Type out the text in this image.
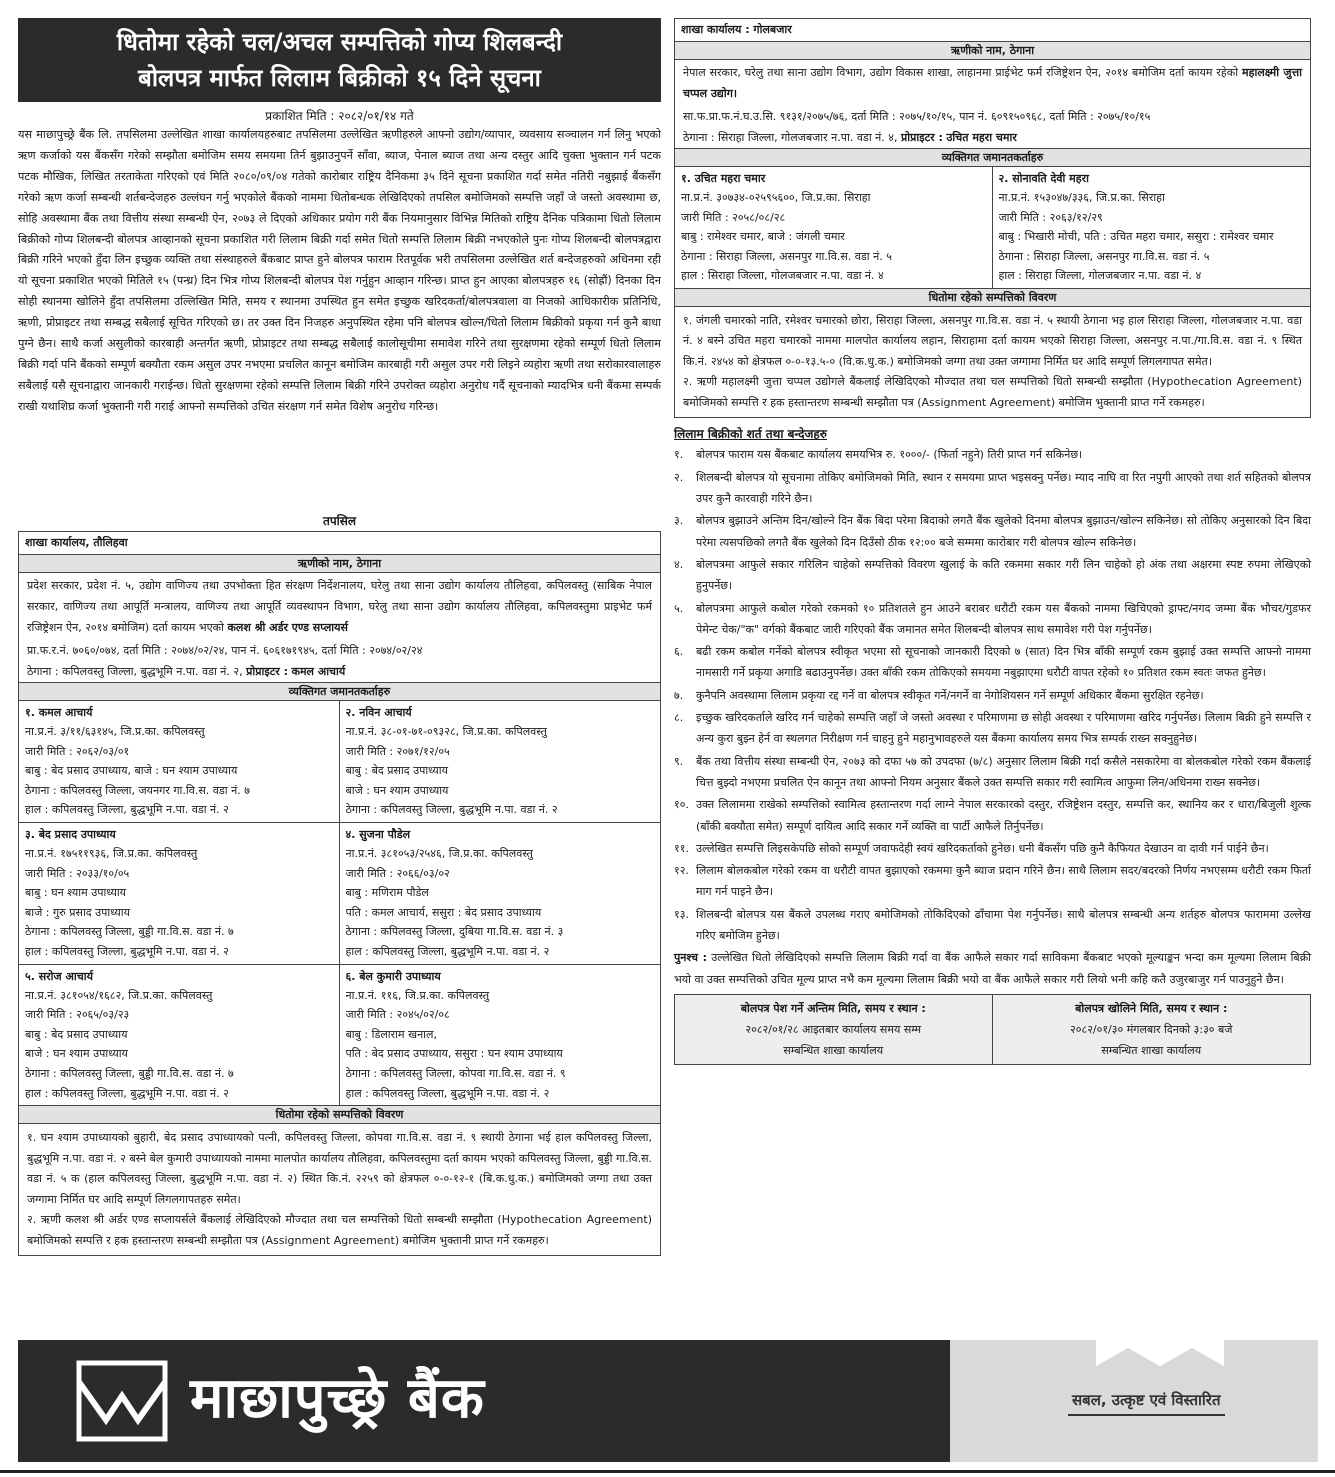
धितोमा रहेको चल/अचल सम्पत्तिको गोप्य शिलबन्दी
बोलपत्र मार्फत लिलाम बिक्रीको १५ दिने सूचना
प्रकाशित मिति : २०८२/०१/१४ गते
यस माछापुच्छ्रे बैंक लि. तपसिलमा उल्लेखित शाखा कार्यालयहरुबाट तपसिलमा उल्लेखित ऋणीहरुले आफ्नो उद्योग/व्यापार, व्यवसाय सञ्चालन गर्न लिनु भएको ऋण कर्जाको यस बैंकसँग गरेको सम्झौता बमोजिम समय समयमा तिर्न बुझाउनुपर्ने साँवा, ब्याज, पेनाल ब्याज तथा अन्य दस्तुर आदि चुक्ता भुक्तान गर्न पटक पटक मौखिक, लिखित तरताकेता गरिएको एवं मिति २०८०/०९/०४ गतेको कारोबार राष्ट्रिय दैनिकमा ३५ दिने सूचना प्रकाशित गर्दा समेत नतिरी नबुझाई बैंकसँग गरेको ऋण कर्जा सम्बन्धी शर्तबन्देजहरु उल्लंघन गर्नु भएकोले बैंकको नाममा धितोबन्धक लेखिदिएको तपसिल बमोजिमको सम्पत्ति जहाँ जे जस्तो अवस्थामा छ, सोहि अवस्थामा बैंक तथा वित्तीय संस्था सम्बन्धी ऐन, २०७३ ले दिएको अधिकार प्रयोग गरी बैंक नियमानुसार विभिन्न मितिको राष्ट्रिय दैनिक पत्रिकामा धितो लिलाम बिक्रीको गोप्य शिलबन्दी बोलपत्र आव्हानको सूचना प्रकाशित गरी लिलाम बिक्री गर्दा समेत धितो सम्पत्ति लिलाम बिक्री नभएकोले पुनः गोप्य शिलबन्दी बोलपत्रद्वारा बिक्री गरिने भएको हुँदा लिन इच्छुक व्यक्ति तथा संस्थाहरुले बैंकबाट प्राप्त हुने बोलपत्र फाराम रितपूर्वक भरी तपसिलमा उल्लेखित शर्त बन्देजहरुको अधिनमा रही यो सूचना प्रकाशित भएको मितिले १५ (पन्ध्र) दिन भित्र गोप्य शिलबन्दी बोलपत्र पेश गर्नुहुन आव्हान गरिन्छ। प्राप्त हुन आएका बोलपत्रहरु १६ (सोह्रौं) दिनका दिन सोही स्थानमा खोलिने हुँदा तपसिलमा उल्लिखित मिति, समय र स्थानमा उपस्थित हुन समेत इच्छुक खरिदकर्ता/बोलपत्रवाला वा निजको आधिकारीक प्रतिनिधि, ऋणी, प्रोप्राइटर तथा सम्बद्ध सबैलाई सूचित गरिएको छ। तर उक्त दिन निजहरु अनुपस्थित रहेमा पनि बोलपत्र खोल्न/धितो लिलाम बिक्रीको प्रकृया गर्न कुनै बाधा पुग्ने छैन। साथै कर्जा असुलीको कारबाही अन्तर्गत ऋणी, प्रोप्राइटर तथा सम्बद्ध सबैलाई कालोसूचीमा समावेश गरिने तथा सुरक्षणमा रहेको सम्पूर्ण धितो लिलाम बिक्री गर्दा पनि बैंकको सम्पूर्ण बक्यौता रकम असुल उपर नभएमा प्रचलित कानून बमोजिम कारबाही गरी असुल उपर गरी लिइने व्यहोरा ऋणी तथा सरोकारवालाहरु सबैलाई यसै सूचनाद्वारा जानकारी गराईन्छ। धितो सुरक्षणमा रहेको सम्पत्ति लिलाम बिक्री गरिने उपरोक्त व्यहोरा अनुरोध गर्दै सूचनाको म्यादभित्र धनी बैंकमा सम्पर्क राखी यथाशिघ्र कर्जा भुक्तानी गरी गराई आफ्नो सम्पत्तिको उचित संरक्षण गर्न समेत विशेष अनुरोध गरिन्छ।
तपसिल
शाखा कार्यालय, तौलिहवा
ऋणीको नाम, ठेगाना
प्रदेश सरकार, प्रदेश नं. ५, उद्योग वाणिज्य तथा उपभोक्ता हित संरक्षण निर्देशनालय, घरेलु तथा साना उद्योग कार्यालय तौलिहवा, कपिलवस्तु (साबिक नेपाल सरकार, वाणिज्य तथा आपूर्ति मन्त्रालय, वाणिज्य तथा आपूर्ति व्यवस्थापन विभाग, घरेलु तथा साना उद्योग कार्यालय तौलिहवा, कपिलवस्तुमा प्राइभेट फर्म रजिष्ट्रेशन ऐन, २०१४ बमोजिम) दर्ता कायम भएको कलश श्री अर्डर एण्ड सप्लायर्स
प्रा.फ.र.नं. ७०६०/०७४, दर्ता मिति : २०७४/०२/२४, पान नं. ६०६१७१९४५, दर्ता मिति : २०७४/०२/२४
ठेगाना : कपिलवस्तु जिल्ला, बुद्धभूमि न.पा. वडा नं. २, प्रोप्राइटर : कमल आचार्य
व्यक्तिगत जमानतकर्ताहरु
१. कमल आचार्य
ना.प्र.नं. ३/११/६३१४५, जि.प्र.का. कपिलवस्तु
जारी मिति : २०६२/०३/०१
बाबु : बेद प्रसाद उपाध्याय, बाजे : घन श्याम उपाध्याय
ठेगाना : कपिलवस्तु जिल्ला, जयनगर गा.वि.स. वडा नं. ७
हाल : कपिलवस्तु जिल्ला, बुद्धभूमि न.पा. वडा नं. २
२. नविन आचार्य
ना.प्र.नं. ३८-०१-७१-०९३२८, जि.प्र.का. कपिलवस्तु
जारी मिति : २०७१/१२/०५
बाबु : बेद प्रसाद उपाध्याय
बाजे : घन श्याम उपाध्याय
ठेगाना : कपिलवस्तु जिल्ला, बुद्धभूमि न.पा. वडा नं. २
३. बेद प्रसाद उपाध्याय
ना.प्र.नं. १७५११९३६, जि.प्र.का. कपिलवस्तु
जारी मिति : २०३३/१०/०५
बाबु : घन श्याम उपाध्याय
बाजे : गुरु प्रसाद उपाध्याय
ठेगाना : कपिलवस्तु जिल्ला, बुड्डी गा.वि.स. वडा नं. ७
हाल : कपिलवस्तु जिल्ला, बुद्धभूमि न.पा. वडा नं. २
४. सुजना पौडेल
ना.प्र.नं. ३८१०५३/२५४६, जि.प्र.का. कपिलवस्तु
जारी मिति : २०६६/०३/०२
बाबु : मणिराम पौडेल
पति : कमल आचार्य, ससुरा : बेद प्रसाद उपाध्याय
ठेगाना : कपिलवस्तु जिल्ला, दुबिया गा.वि.स. वडा नं. ३
हाल : कपिलवस्तु जिल्ला, बुद्धभूमि न.पा. वडा नं. २
५. सरोज आचार्य
ना.प्र.नं. ३८१०५४/१६८२, जि.प्र.का. कपिलवस्तु
जारी मिति : २०६५/०३/२३
बाबु : बेद प्रसाद उपाध्याय
बाजे : घन श्याम उपाध्याय
ठेगाना : कपिलवस्तु जिल्ला, बुड्डी गा.वि.स. वडा नं. ७
हाल : कपिलवस्तु जिल्ला, बुद्धभूमि न.पा. वडा नं. २
६. बेल कुमारी उपाध्याय
ना.प्र.नं. ११६, जि.प्र.का. कपिलवस्तु
जारी मिति : २०४५/०२/०८
बाबु : डिलाराम खनाल,
पति : बेद प्रसाद उपाध्याय, ससुरा : घन श्याम उपाध्याय
ठेगाना : कपिलवस्तु जिल्ला, कोपवा गा.वि.स. वडा नं. ९
हाल : कपिलवस्तु जिल्ला, बुद्धभूमि न.पा. वडा नं. २
धितोमा रहेको सम्पत्तिको विवरण
१. घन श्याम उपाध्यायको बुहारी, बेद प्रसाद उपाध्यायको पत्नी, कपिलवस्तु जिल्ला, कोपवा गा.वि.स. वडा नं. ९ स्थायी ठेगाना भई हाल कपिलवस्तु जिल्ला, बुद्धभूमि न.पा. वडा नं. २ बस्ने बेल कुमारी उपाध्यायको नाममा मालपोत कार्यालय तौलिहवा, कपिलवस्तुमा दर्ता कायम भएको कपिलवस्तु जिल्ला, बुड्डी गा.वि.स. वडा नं. ५ क (हाल कपिलवस्तु जिल्ला, बुद्धभूमि न.पा. वडा नं. २) स्थित कि.नं. २२५९ को क्षेत्रफल ०-०-१२-१ (बि.क.धु.क.) बमोजिमको जग्गा तथा उक्त जग्गामा निर्मित घर आदि सम्पूर्ण लिगलगापतहरु समेत।
२. ऋणी कलश श्री अर्डर एण्ड सप्लायर्सले बैंकलाई लेखिदिएको मौज्दात तथा चल सम्पत्तिको धितो सम्बन्धी सम्झौता (Hypothecation Agreement) बमोजिमको सम्पत्ति र हक हस्तान्तरण सम्बन्धी सम्झौता पत्र (Assignment Agreement) बमोजिम भुक्तानी प्राप्त गर्ने रकमहरु।
शाखा कार्यालय : गोलबजार
ऋणीको नाम, ठेगाना
नेपाल सरकार, घरेलु तथा साना उद्योग विभाग, उद्योग विकास शाखा, लाहानमा प्राईभेट फर्म रजिष्ट्रेशन ऐन, २०१४ बमोजिम दर्ता कायम रहेको महालक्ष्मी जुत्ता चप्पल उद्योग।
सा.फ.प्रा.फ.नं.घ.उ.सि. ९१३१/२०७५/७६, दर्ता मिति : २०७५/१०/१५, पान नं. ६०९१५०९६८, दर्ता मिति : २०७५/१०/१५
ठेगाना : सिराहा जिल्ला, गोलजबजार न.पा. वडा नं. ४, प्रोप्राइटर : उचित महरा चमार
व्यक्तिगत जमानतकर्ताहरु
१. उचित महरा चमार
ना.प्र.नं. ३०७३४-०२५९५६००, जि.प्र.का. सिराहा
जारी मिति : २०५८/०८/२८
बाबु : रामेश्वर चमार, बाजे : जंगली चमार
ठेगाना : सिराहा जिल्ला, असनपुर गा.वि.स. वडा नं. ५
हाल : सिराहा जिल्ला, गोलजबजार न.पा. वडा नं. ४
२. सोनावति देवी महरा
ना.प्र.नं. १५३०४७/३३६, जि.प्र.का. सिराहा
जारी मिति : २०६३/१२/२९
बाबु : भिखारी मोची, पति : उचित महरा चमार, ससुरा : रामेश्वर चमार
ठेगाना : सिराहा जिल्ला, असनपुर गा.वि.स. वडा नं. ५
हाल : सिराहा जिल्ला, गोलजबजार न.पा. वडा नं. ४
धितोमा रहेको सम्पत्तिको विवरण
१. जंगली चमारको नाति, रमेश्वर चमारको छोरा, सिराहा जिल्ला, असनपुर गा.वि.स. वडा नं. ५ स्थायी ठेगाना भइ हाल सिराहा जिल्ला, गोलजबजार न.पा. वडा नं. ४ बस्ने उचित महरा चमारको नाममा मालपोत कार्यालय लहान, सिराहामा दर्ता कायम भएको सिराहा जिल्ला, असनपुर न.पा./गा.वि.स. वडा नं. ९ स्थित कि.नं. २४५४ को क्षेत्रफल ०-०-१३.५-० (वि.क.धु.क.) बमोजिमको जग्गा तथा उक्त जग्गामा निर्मित घर आदि सम्पूर्ण लिगलगापत समेत।
२. ऋणी महालक्ष्मी जुत्ता चप्पल उद्योगले बैंकलाई लेखिदिएको मौज्दात तथा चल सम्पत्तिको धितो सम्बन्धी सम्झौता (Hypothecation Agreement) बमोजिमको सम्पत्ति र हक हस्तान्तरण सम्बन्धी सम्झौता पत्र (Assignment Agreement) बमोजिम भुक्तानी प्राप्त गर्ने रकमहरु।
लिलाम बिक्रीको शर्त तथा बन्देजहरु
१.	बोलपत्र फाराम यस बैंकबाट कार्यालय समयभित्र रु. १०००/- (फिर्ता नहुने) तिरी प्राप्त गर्न सकिनेछ।
२.	शिलबन्दी बोलपत्र यो सूचनामा तोकिए बमोजिमको मिति, स्थान र समयमा प्राप्त भइसक्नु पर्नेछ। म्याद नाघि वा रित नपुगी आएको तथा शर्त सहितको बोलपत्र उपर कुनै कारवाही गरिने छैन।
३.	बोलपत्र बुझाउने अन्तिम दिन/खोल्ने दिन बैंक बिदा परेमा बिदाको लगतै बैंक खुलेको दिनमा बोलपत्र बुझाउन/खोल्न सकिनेछ। सो तोकिए अनुसारको दिन बिदा परेमा त्यसपछिको लगतै बैंक खुलेको दिन दिउँसो ठीक १२:०० बजे सम्ममा कारोबार गरी बोलपत्र खोल्न सकिनेछ।
४.	बोलपत्रमा आफुले सकार गरिलिन चाहेको सम्पत्तिको विवरण खुलाई के कति रकममा सकार गरी लिन चाहेको हो अंक तथा अक्षरमा स्पष्ट रुपमा लेखिएको हुनुपर्नेछ।
५.	बोलपत्रमा आफुले कबोल गरेको रकमको १० प्रतिशतले हुन आउने बराबर धरौटी रकम यस बैंकको नाममा खिचिएको ड्राफ्ट/नगद जम्मा बैंक भौचर/गुडफर पेमेन्ट चेक/"क" वर्गको बैंकबाट जारी गरिएको बैंक जमानत समेत शिलबन्दी बोलपत्र साथ समावेश गरी पेश गर्नुपर्नेछ।
६.	बढी रकम कबोल गर्नेको बोलपत्र स्वीकृत भएमा सो सूचनाको जानकारी दिएको ७ (सात) दिन भित्र बाँकी सम्पूर्ण रकम बुझाई उक्त सम्पत्ति आफ्नो नाममा नामसारी गर्ने प्रकृया अगाडि बढाउनुपर्नेछ। उक्त बाँकी रकम तोकिएको समयमा नबुझाएमा धरौटी वापत रहेको १० प्रतिशत रकम स्वतः जफत हुनेछ।
७.	कुनैपनि अवस्थामा लिलाम प्रकृया रद्द गर्ने वा बोलपत्र स्वीकृत गर्ने/नगर्ने वा नेगोशियसन गर्ने सम्पूर्ण अधिकार बैंकमा सुरक्षित रहनेछ।
८.	इच्छुक खरिदकर्ताले खरिद गर्न चाहेको सम्पत्ति जहाँ जे जस्तो अवस्था र परिमाणमा छ सोही अवस्था र परिमाणमा खरिद गर्नुपर्नेछ। लिलाम बिक्री हुने सम्पत्ति र अन्य कुरा बुझ्न हेर्न वा स्थलगत निरीक्षण गर्न चाहनु हुने महानुभावहरुले यस बैंकमा कार्यालय समय भित्र सम्पर्क राख्न सक्नुहुनेछ।
९.	बैंक तथा वित्तीय संस्था सम्बन्धी ऐन, २०७३ को दफा ५७ को उपदफा (७/८) अनुसार लिलाम बिक्री गर्दा कसैले नसकारेमा वा बोलकबोल गरेको रकम बैंकलाई चित्त बुझ्दो नभएमा प्रचलित ऐन कानून तथा आफ्नो नियम अनुसार बैंकले उक्त सम्पत्ति सकार गरी स्वामित्व आफुमा लिन/अधिनमा राख्न सक्नेछ।
१०. उक्त लिलाममा राखेको सम्पत्तिको स्वामित्व हस्तान्तरण गर्दा लाग्ने नेपाल सरकारको दस्तुर, रजिष्ट्रेशन दस्तुर, सम्पत्ति कर, स्थानिय कर र धारा/बिजुली शुल्क (बाँकी बक्यौता समेत) सम्पूर्ण दायित्व आदि सकार गर्ने व्यक्ति वा पार्टी आफैले तिर्नुपर्नेछ।
११. उल्लेखित सम्पत्ति लिइसकेपछि सोको सम्पूर्ण जवाफदेही स्वयं खरिदकर्ताको हुनेछ। धनी बैंकसँग पछि कुनै कैफियत देखाउन वा दावी गर्न पाईने छैन।
१२. लिलाम बोलकबोल गरेको रकम वा धरौटी वापत बुझाएको रकममा कुनै ब्याज प्रदान गरिने छैन। साथै लिलाम सदर/बदरको निर्णय नभएसम्म धरौटी रकम फिर्ता माग गर्न पाइने छैन।
१३. शिलबन्दी बोलपत्र यस बैंकले उपलब्ध गराए बमोजिमको तोकिदिएको ढाँचामा पेश गर्नुपर्नेछ। साथै बोलपत्र सम्बन्धी अन्य शर्तहरु बोलपत्र फाराममा उल्लेख गरिए बमोजिम हुनेछ।
पुनश्च : उल्लेखित धितो लेखिदिएको सम्पत्ति लिलाम बिक्री गर्दा वा बैंक आफैले सकार गर्दा साविकमा बैंकबाट भएको मूल्याङ्कन भन्दा कम मूल्यमा लिलाम बिक्री भयो वा उक्त सम्पत्तिको उचित मूल्य प्राप्त नभै कम मूल्यमा लिलाम बिक्री भयो वा बैंक आफैले सकार गरी लियो भनी कहि कतै उजुरबाजुर गर्न पाउनुहुने छैन।
बोलपत्र पेश गर्ने अन्तिम मिति, समय र स्थान :
२०८२/०१/२८ आइतबार कार्यालय समय सम्म
सम्बन्धित शाखा कार्यालय
बोलपत्र खोलिने मिति, समय र स्थान :
२०८२/०१/३० मंगलबार दिनको ३:३० बजे
सम्बन्धित शाखा कार्यालय
माछापुच्छ्रे बैंक	सबल, उत्कृष्ट एवं विस्तारित
